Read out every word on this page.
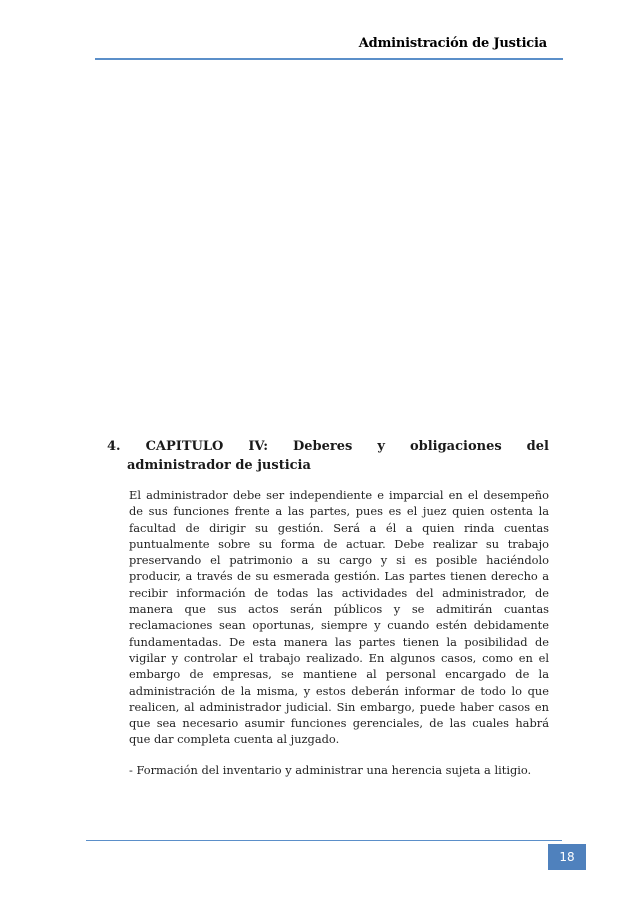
Administración de Justicia
4. CAPITULO IV: Deberes y obligaciones del
administrador de justicia

El administrador debe ser independiente e imparcial en el desempeño de sus funciones frente a las partes, pues es el juez quien ostenta la facultad de dirigir su gestión. Será a él a quien rinda cuentas puntualmente sobre su forma de actuar. Debe realizar su trabajo preservando el patrimonio a su cargo y si es posible haciéndolo producir, a través de su esmerada gestión. Las partes tienen derecho a recibir información de todas las actividades del administrador, de manera que sus actos serán públicos y se admitirán cuantas reclamaciones sean oportunas, siempre y cuando estén debidamente fundamentadas. De esta manera las partes tienen la posibilidad de vigilar y controlar el trabajo realizado. En algunos casos, como en el embargo de empresas, se mantiene al personal encargado de la administración de la misma, y estos deberán informar de todo lo que realicen, al administrador judicial. Sin embargo, puede haber casos en que sea necesario asumir funciones gerenciales, de las cuales habrá que dar completa cuenta al juzgado.

- Formación del inventario y administrar una herencia sujeta a litigio.

18
